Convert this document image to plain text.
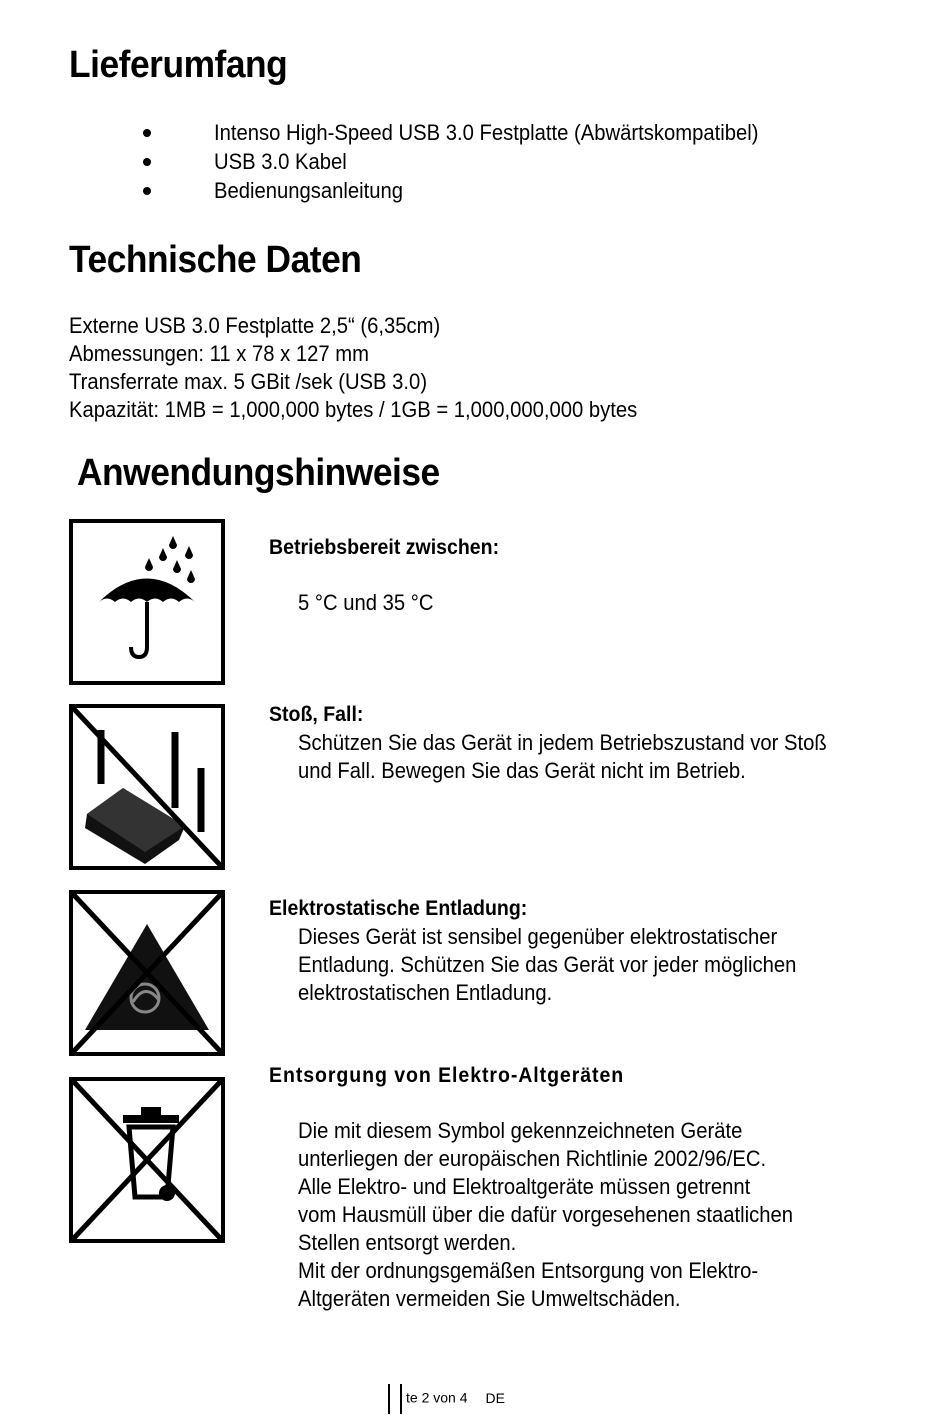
Lieferumfang
Intenso High-Speed USB 3.0 Festplatte (Abwärtskompatibel)
USB 3.0 Kabel
Bedienungsanleitung
Technische Daten
Externe USB 3.0 Festplatte 2,5“ (6,35cm)
Abmessungen: 11 x 78 x 127 mm
Transferrate max. 5 GBit /sek (USB 3.0)
Kapazität: 1MB = 1,000,000 bytes / 1GB = 1,000,000,000 bytes
Anwendungshinweise
Betriebsbereit zwischen:
5 °C und 35 °C
Stoß, Fall:
Schützen Sie das Gerät in jedem Betriebszustand vor Stoß
und Fall. Bewegen Sie das Gerät nicht im Betrieb.
Elektrostatische Entladung:
Dieses Gerät ist sensibel gegenüber elektrostatischer
Entladung. Schützen Sie das Gerät vor jeder möglichen
elektrostatischen Entladung.
Entsorgung von Elektro-Altgeräten
Die mit diesem Symbol gekennzeichneten Geräte
unterliegen der europäischen Richtlinie 2002/96/EC.
Alle Elektro- und Elektroaltgeräte müssen getrennt
vom Hausmüll über die dafür vorgesehenen staatlichen
Stellen entsorgt werden.
Mit der ordnungsgemäßen Entsorgung von Elektro-
Altgeräten vermeiden Sie Umweltschäden.
te 2 von 4 DE
